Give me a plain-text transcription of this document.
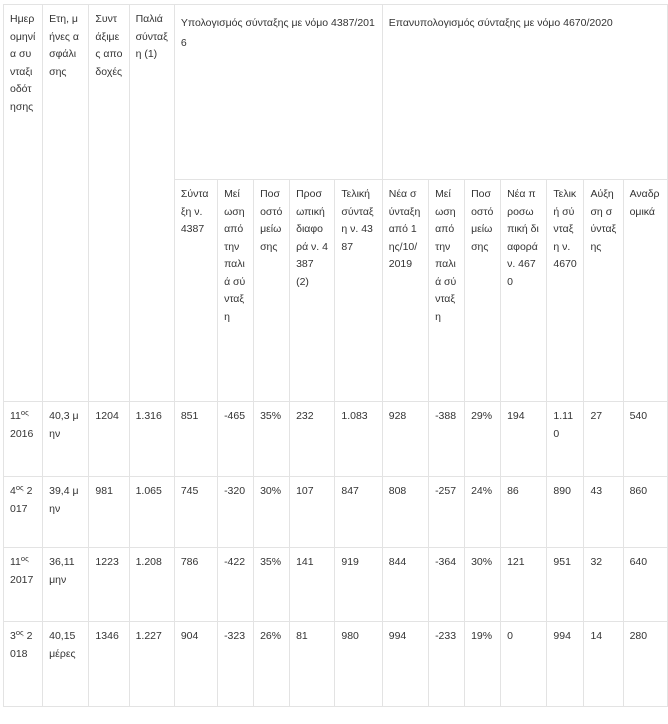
Ημερομηνία συνταξιοδότησης	Ετη, μήνες ασφάλισης	Συντάξιμες αποδοχές	Παλιά σύνταξη (1)	Υπολογισμός σύνταξης με νόμο 4387/2016					Επανυπολογισμός σύνταξης με νόμο 4670/2020						
				Σύνταξη ν. 4387	Μείωση από την παλιά σύνταξη	Ποσοστό μείωσης	Προσωπική διαφορά ν. 4387 (2)	Τελική σύνταξη ν. 4387	Νέα σύνταξη από 1ης/10/2019	Μείωση από την παλιά σύνταξη	Ποσοστό μείωσης	Νέα προσωπική διαφορά ν. 4670	Τελική σύνταξη ν. 4670	Αύξηση σύνταξης	Αναδρομικά
$11^{o\varsigma}$ 2016	40,3 μην	1204	1.316	851	-465	35%	232	1.083	928	-388	29%	194	1.110	27	540
$4^{o\varsigma}$ 2017	39,4 μην	981	1.065	745	-320	30%	107	847	808	-257	24%	86	890	43	860
$11^{o\varsigma}$ 2017	36,11 μην	1223	1.208	786	-422	35%	141	919	844	-364	30%	121	951	32	640
$3^{o\varsigma}$ 2018	40,15 μέρες	1346	1.227	904	-323	26%	81	980	994	-233	19%	0	994	14	280
